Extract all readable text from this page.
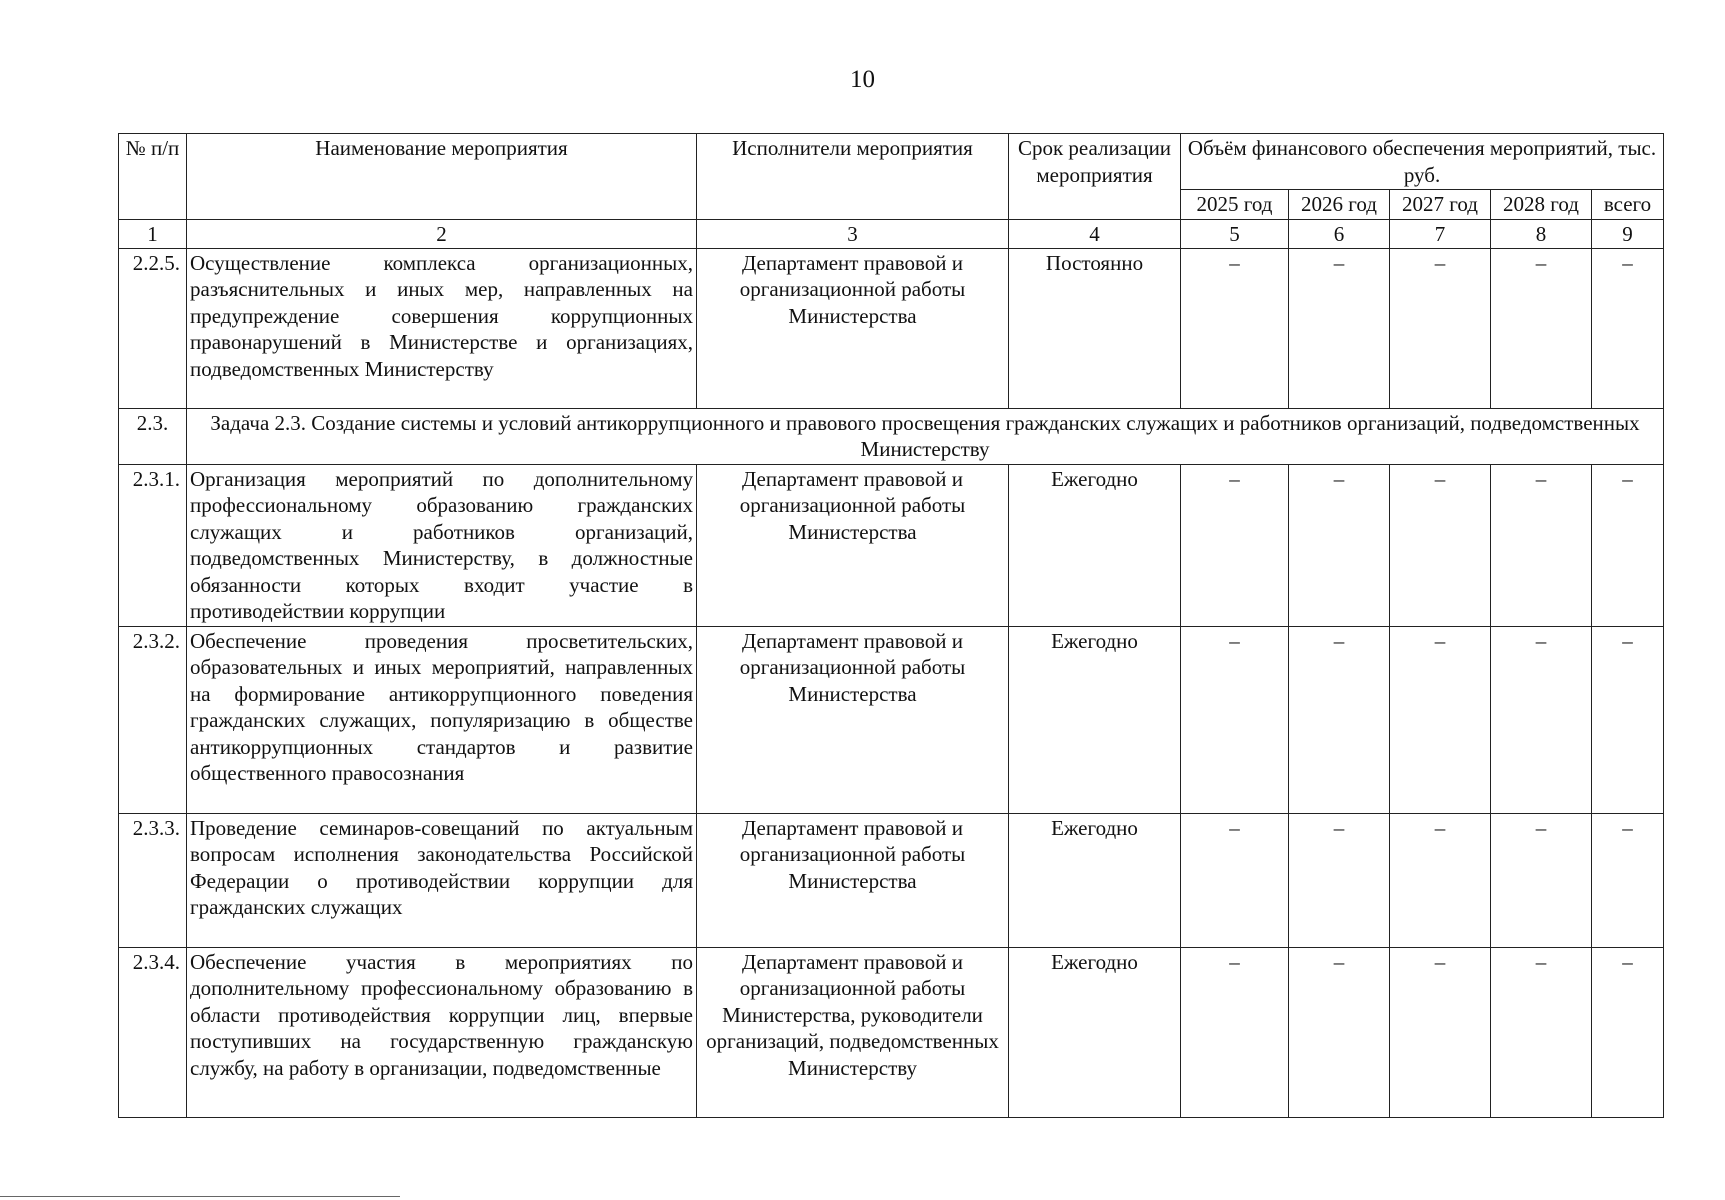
10
№ п/п	Наименование мероприятия	Исполнители мероприятия	Срок реализации мероприятия	Объём финансового обеспечения мероприятий, тыс. руб.				
				2025 год	2026 год	2027 год	2028 год	всего
1	2	3	4	5	6	7	8	9
2.2.5.	Осуществление комплекса организационных, разъяснительных и иных мер, направленных на предупреждение совершения коррупционных правонарушений в Министерстве и организациях, подведомственных Министерству	Департамент правовой и организационной работы Министерства	Постоянно	–	–	–	–	–
2.3.	Задача 2.3. Создание системы и условий антикоррупционного и правового просвещения гражданских служащих и работников организаций, подведомственных Министерству							
2.3.1.	Организация мероприятий по дополнительному профессиональному образованию гражданских служащих и работников организаций, подведомственных Министерству, в должностные обязанности которых входит участие в противодействии коррупции	Департамент правовой и организационной работы Министерства	Ежегодно	–	–	–	–	–
2.3.2.	Обеспечение проведения просветительских, образовательных и иных мероприятий, направленных на формирование антикоррупционного поведения гражданских служащих, популяризацию в обществе антикоррупционных стандартов и развитие общественного правосознания	Департамент правовой и организационной работы Министерства	Ежегодно	–	–	–	–	–
2.3.3.	Проведение семинаров-совещаний по актуальным вопросам исполнения законодательства Российской Федерации о противодействии коррупции для гражданских служащих	Департамент правовой и организационной работы Министерства	Ежегодно	–	–	–	–	–
2.3.4.	Обеспечение участия в мероприятиях по дополнительному профессиональному образованию в области противодействия коррупции лиц, впервые поступивших на государственную гражданскую службу, на работу в организации, подведомственные	Департамент правовой и организационной работы Министерства, руководители организаций, подведомственных Министерству	Ежегодно	–	–	–	–	–
